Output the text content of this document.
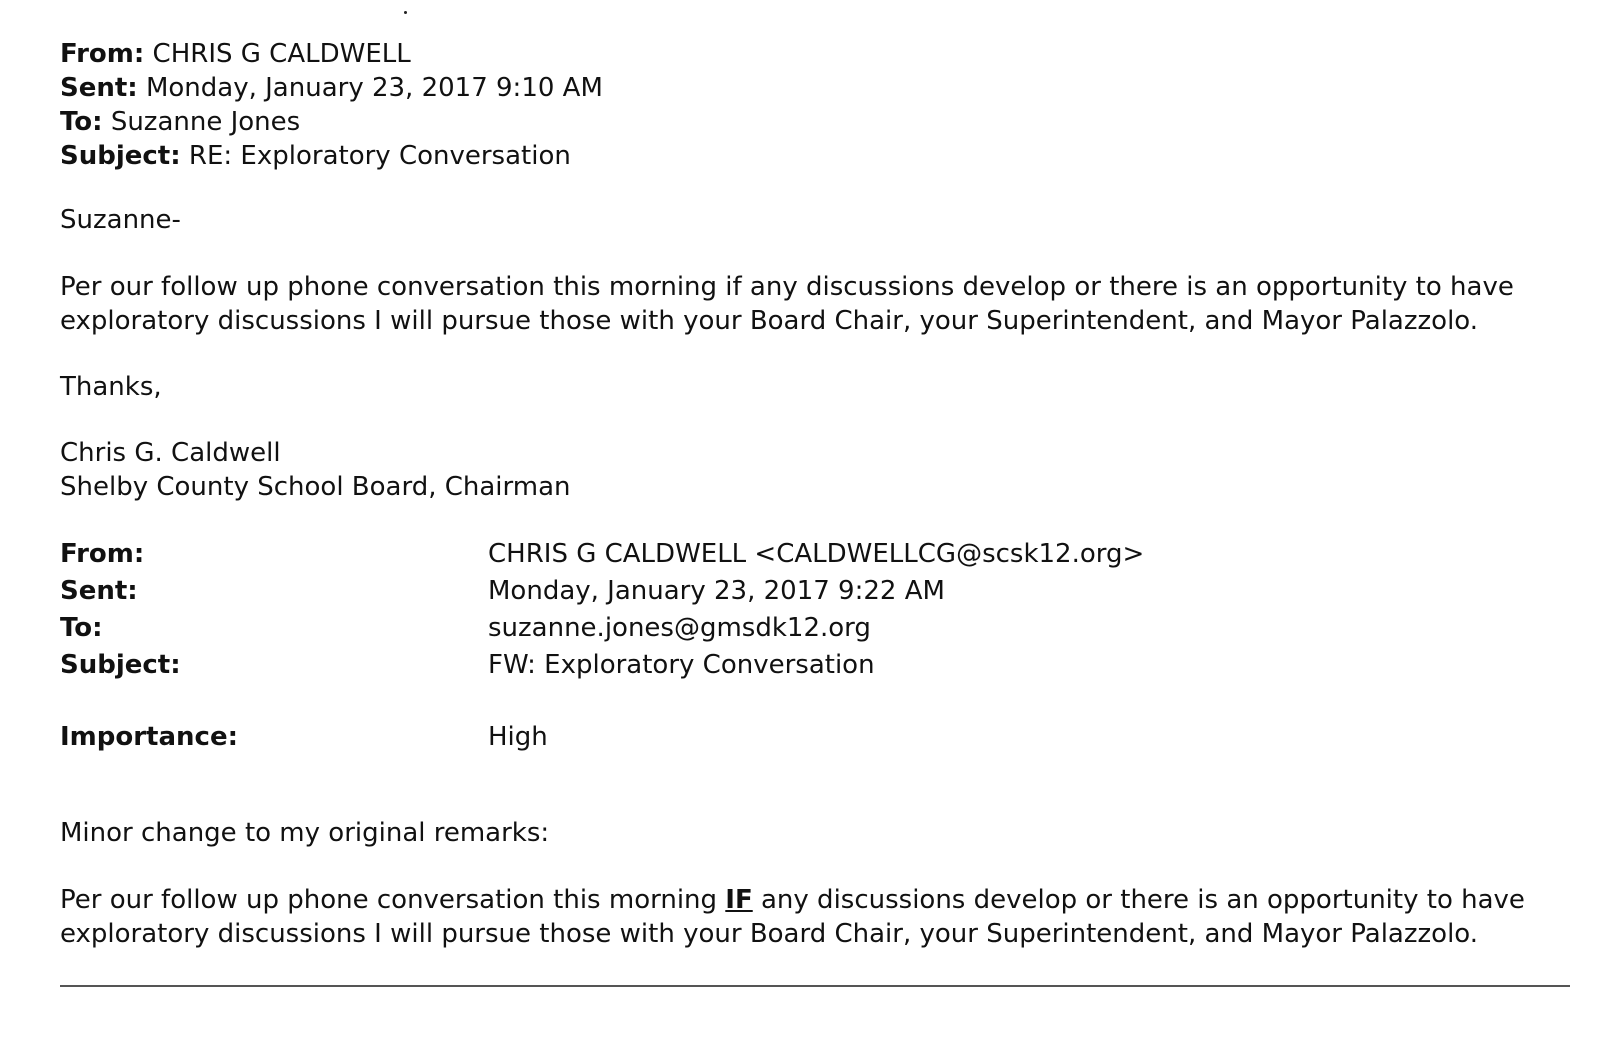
From: CHRIS G CALDWELL
Sent: Monday, January 23, 2017 9:10 AM
To: Suzanne Jones
Subject: RE: Exploratory Conversation
Suzanne-
Per our follow up phone conversation this morning if any discussions develop or there is an opportunity to have
exploratory discussions I will pursue those with your Board Chair, your Superintendent, and Mayor Palazzolo.
Thanks,
Chris G. Caldwell
Shelby County School Board, Chairman
From:	CHRIS G CALDWELL <CALDWELLCG@scsk12.org>
Sent:	Monday, January 23, 2017 9:22 AM
To:	suzanne.jones@gmsdk12.org
Subject:	FW: Exploratory Conversation
Importance:	High
Minor change to my original remarks:
Per our follow up phone conversation this morning IF any discussions develop or there is an opportunity to have
exploratory discussions I will pursue those with your Board Chair, your Superintendent, and Mayor Palazzolo.
